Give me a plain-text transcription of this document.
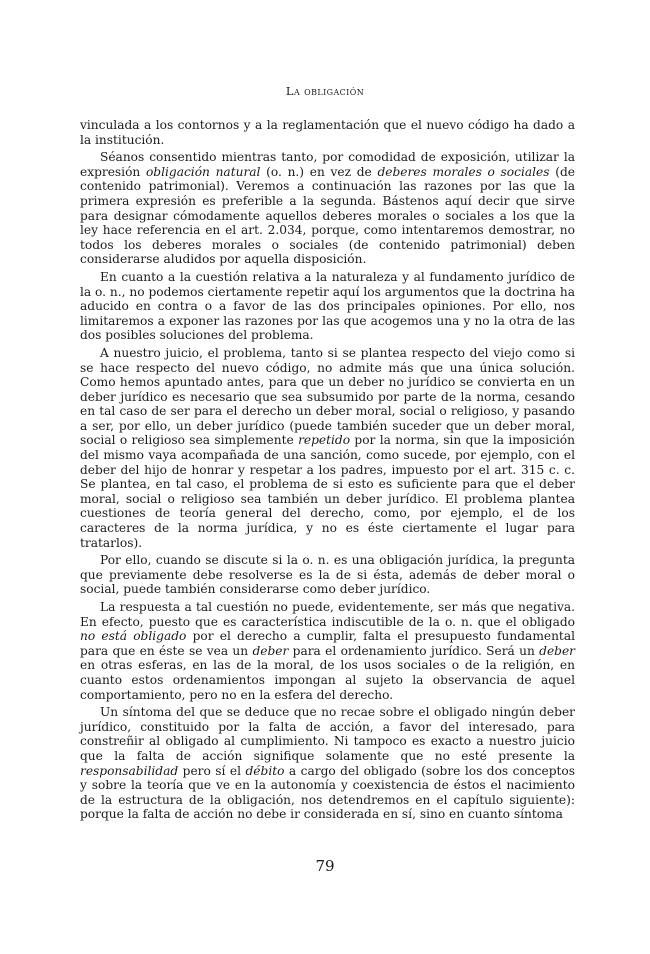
La obligación

vinculada a los contornos y a la reglamentación que el nuevo código ha dado a la institución.

Séanos consentido mientras tanto, por comodidad de exposición, utilizar la expresión obligación natural (o. n.) en vez de deberes morales o sociales (de contenido patrimonial). Veremos a continuación las razones por las que la primera expresión es preferible a la segunda. Bástenos aquí decir que sirve para designar cómodamente aquellos deberes morales o sociales a los que la ley hace referencia en el art. 2.034, porque, como intentaremos demostrar, no todos los deberes morales o sociales (de contenido patrimonial) deben considerarse aludidos por aquella disposición.

En cuanto a la cuestión relativa a la naturaleza y al fundamento jurídico de la o. n., no podemos ciertamente repetir aquí los argumentos que la doctrina ha aducido en contra o a favor de las dos principales opiniones. Por ello, nos limitaremos a exponer las razones por las que acogemos una y no la otra de las dos posibles soluciones del problema.

A nuestro juicio, el problema, tanto si se plantea respecto del viejo como si se hace respecto del nuevo código, no admite más que una única solución. Como hemos apuntado antes, para que un deber no jurídico se convierta en un deber jurídico es necesario que sea subsumido por parte de la norma, cesando en tal caso de ser para el derecho un deber moral, social o religioso, y pasando a ser, por ello, un deber jurídico (puede también suceder que un deber moral, social o religioso sea simplemente repetido por la norma, sin que la imposición del mismo vaya acompañada de una sanción, como sucede, por ejemplo, con el deber del hijo de honrar y respetar a los padres, impuesto por el art. 315 c. c. Se plantea, en tal caso, el problema de si esto es suficiente para que el deber moral, social o religioso sea también un deber jurídico. El problema plantea cuestiones de teoría general del derecho, como, por ejemplo, el de los caracteres de la norma jurídica, y no es éste ciertamente el lugar para tratarlos).

Por ello, cuando se discute si la o. n. es una obligación jurídica, la pregunta que previamente debe resolverse es la de si ésta, además de deber moral o social, puede también considerarse como deber jurídico.

La respuesta a tal cuestión no puede, evidentemente, ser más que negativa. En efecto, puesto que es característica indiscutible de la o. n. que el obligado no está obligado por el derecho a cumplir, falta el presupuesto fundamental para que en éste se vea un deber para el ordenamiento jurídico. Será un deber en otras esferas, en las de la moral, de los usos sociales o de la religión, en cuanto estos ordenamientos impongan al sujeto la observancia de aquel comportamiento, pero no en la esfera del derecho.

Un síntoma del que se deduce que no recae sobre el obligado ningún deber jurídico, constituido por la falta de acción, a favor del interesado, para constreñir al obligado al cumplimiento. Ni tampoco es exacto a nuestro juicio que la falta de acción signifique solamente que no esté presente la responsabilidad pero sí el débito a cargo del obligado (sobre los dos conceptos y sobre la teoría que ve en la autonomía y coexistencia de éstos el nacimiento de la estructura de la obligación, nos detendremos en el capítulo siguiente): porque la falta de acción no debe ir considerada en sí, sino en cuanto síntoma

79
